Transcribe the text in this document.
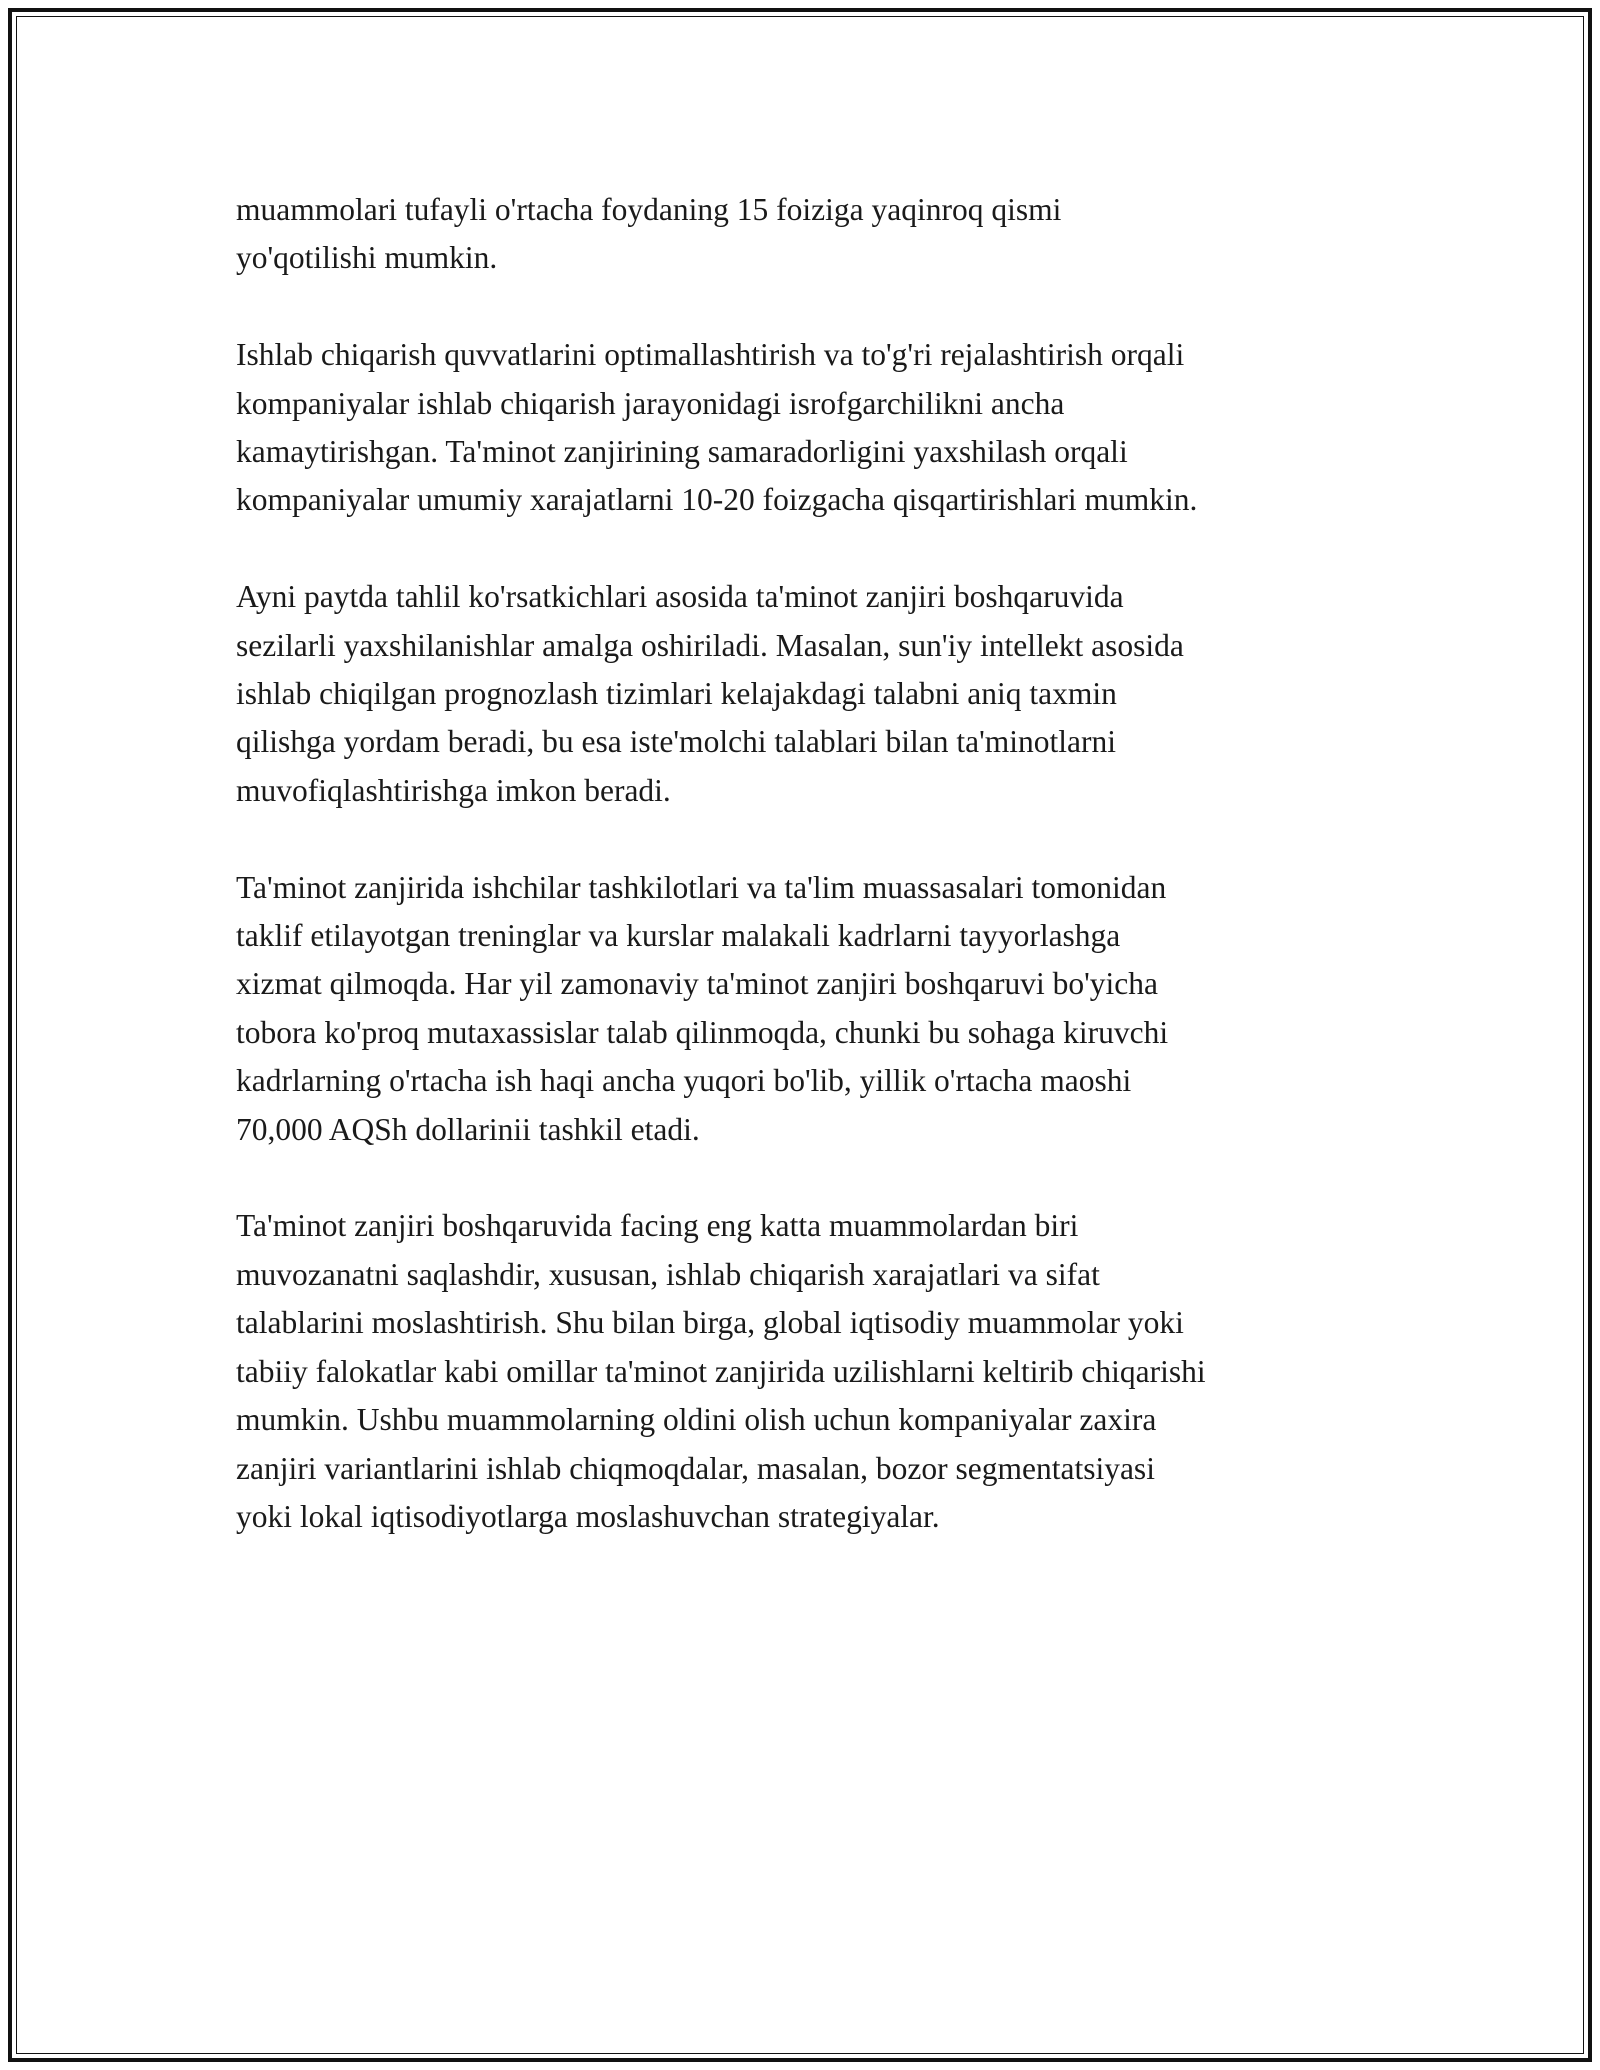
muammolari tufayli o'rtacha foydaning 15 foiziga yaqinroq qismi
yo'qotilishi mumkin.
Ishlab chiqarish quvvatlarini optimallashtirish va to'g'ri rejalashtirish orqali
kompaniyalar ishlab chiqarish jarayonidagi isrofgarchilikni ancha
kamaytirishgan. Ta'minot zanjirining samaradorligini yaxshilash orqali
kompaniyalar umumiy xarajatlarni 10-20 foizgacha qisqartirishlari mumkin.
Ayni paytda tahlil ko'rsatkichlari asosida ta'minot zanjiri boshqaruvida
sezilarli yaxshilanishlar amalga oshiriladi. Masalan, sun'iy intellekt asosida
ishlab chiqilgan prognozlash tizimlari kelajakdagi talabni aniq taxmin
qilishga yordam beradi, bu esa iste'molchi talablari bilan ta'minotlarni
muvofiqlashtirishga imkon beradi.
Ta'minot zanjirida ishchilar tashkilotlari va ta'lim muassasalari tomonidan
taklif etilayotgan treninglar va kurslar malakali kadrlarni tayyorlashga
xizmat qilmoqda. Har yil zamonaviy ta'minot zanjiri boshqaruvi bo'yicha
tobora ko'proq mutaxassislar talab qilinmoqda, chunki bu sohaga kiruvchi
kadrlarning o'rtacha ish haqi ancha yuqori bo'lib, yillik o'rtacha maoshi
70,000 AQSh dollarinii tashkil etadi.
Ta'minot zanjiri boshqaruvida facing eng katta muammolardan biri
muvozanatni saqlashdir, xususan, ishlab chiqarish xarajatlari va sifat
talablarini moslashtirish. Shu bilan birga, global iqtisodiy muammolar yoki
tabiiy falokatlar kabi omillar ta'minot zanjirida uzilishlarni keltirib chiqarishi
mumkin. Ushbu muammolarning oldini olish uchun kompaniyalar zaxira
zanjiri variantlarini ishlab chiqmoqdalar, masalan, bozor segmentatsiyasi
yoki lokal iqtisodiyotlarga moslashuvchan strategiyalar.
